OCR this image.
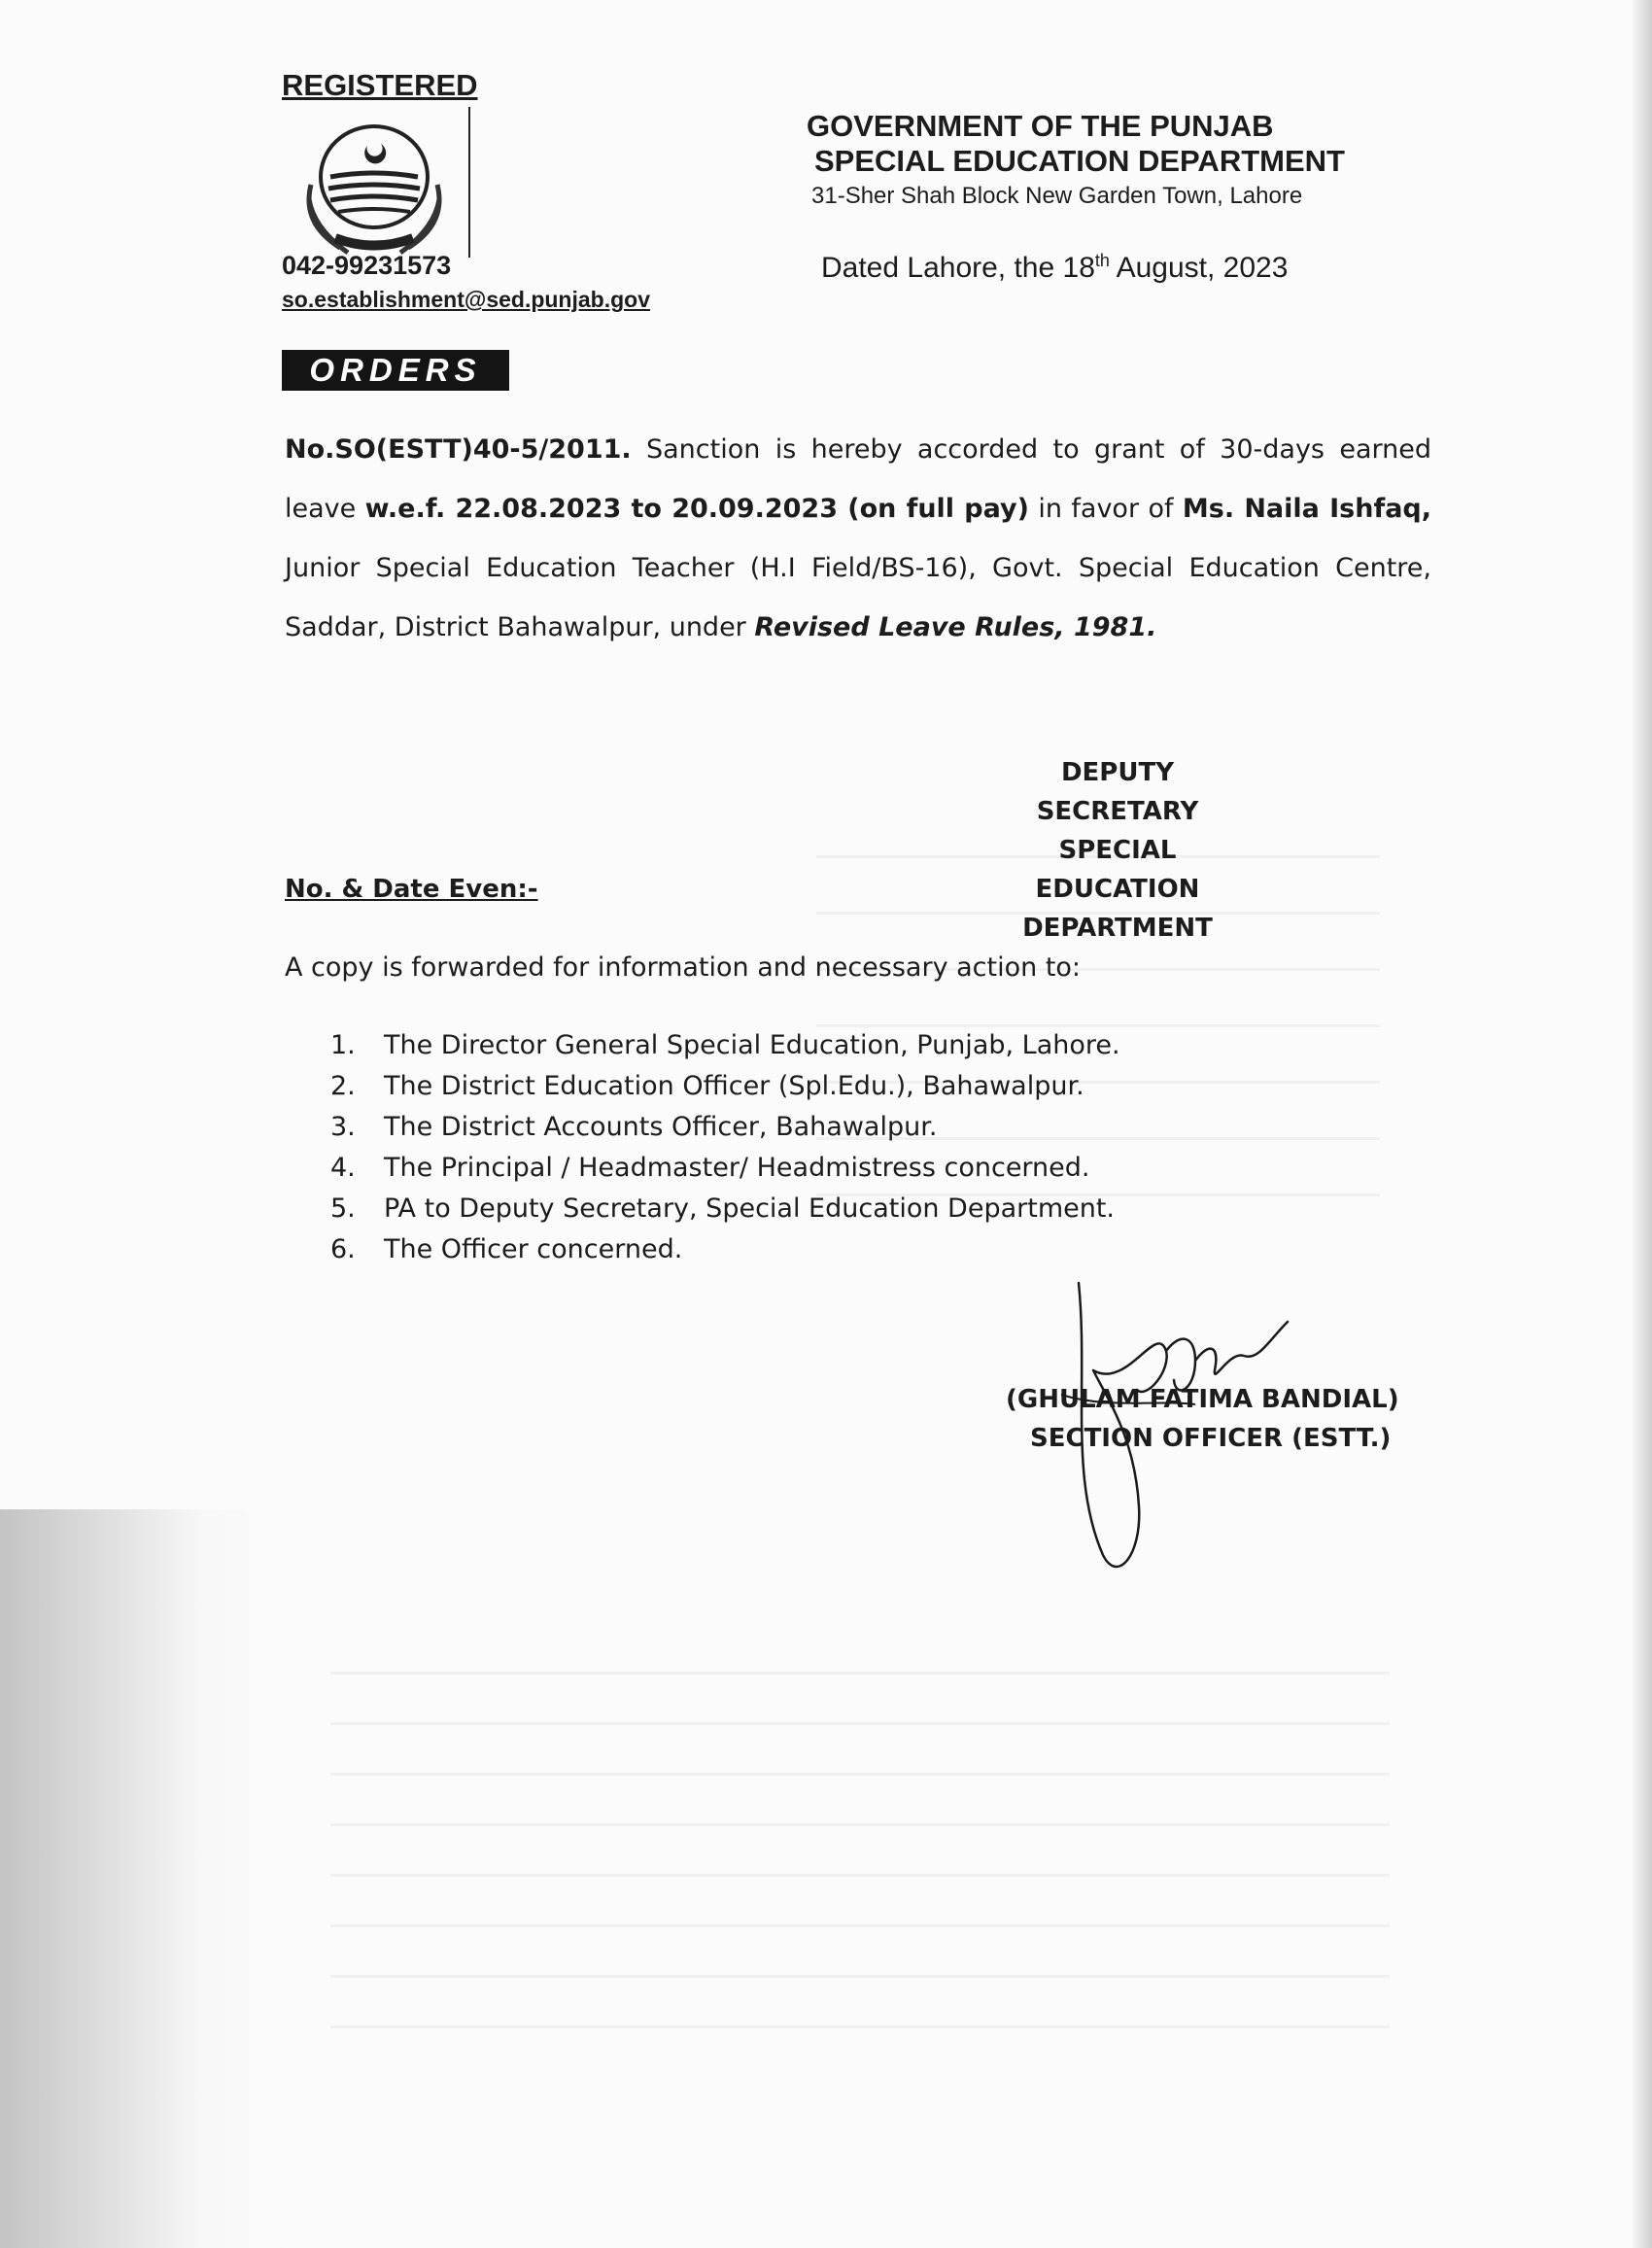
REGISTERED
042-99231573
so.establishment@sed.punjab.gov
GOVERNMENT OF THE PUNJAB
SPECIAL EDUCATION DEPARTMENT
31-Sher Shah Block New Garden Town, Lahore
Dated Lahore, the 18th August, 2023
ORDERS
No.SO(ESTT)40-5/2011. Sanction is hereby accorded to grant of 30-days earned leave w.e.f. 22.08.2023 to 20.09.2023 (on full pay) in favor of Ms. Naila Ishfaq, Junior Special Education Teacher (H.I Field/BS-16), Govt. Special Education Centre, Saddar, District Bahawalpur, under Revised Leave Rules, 1981.
DEPUTY SECRETARY
SPECIAL EDUCATION
DEPARTMENT
No. & Date Even:-
A copy is forwarded for information and necessary action to:
1.	The Director General Special Education, Punjab, Lahore.
2.	The District Education Officer (Spl.Edu.), Bahawalpur.
3.	The District Accounts Officer, Bahawalpur.
4.	The Principal / Headmaster/ Headmistress concerned.
5.	PA to Deputy Secretary, Special Education Department.
6.	The Officer concerned.
(GHULAM FATIMA BANDIAL)
SECTION OFFICER (ESTT.)
